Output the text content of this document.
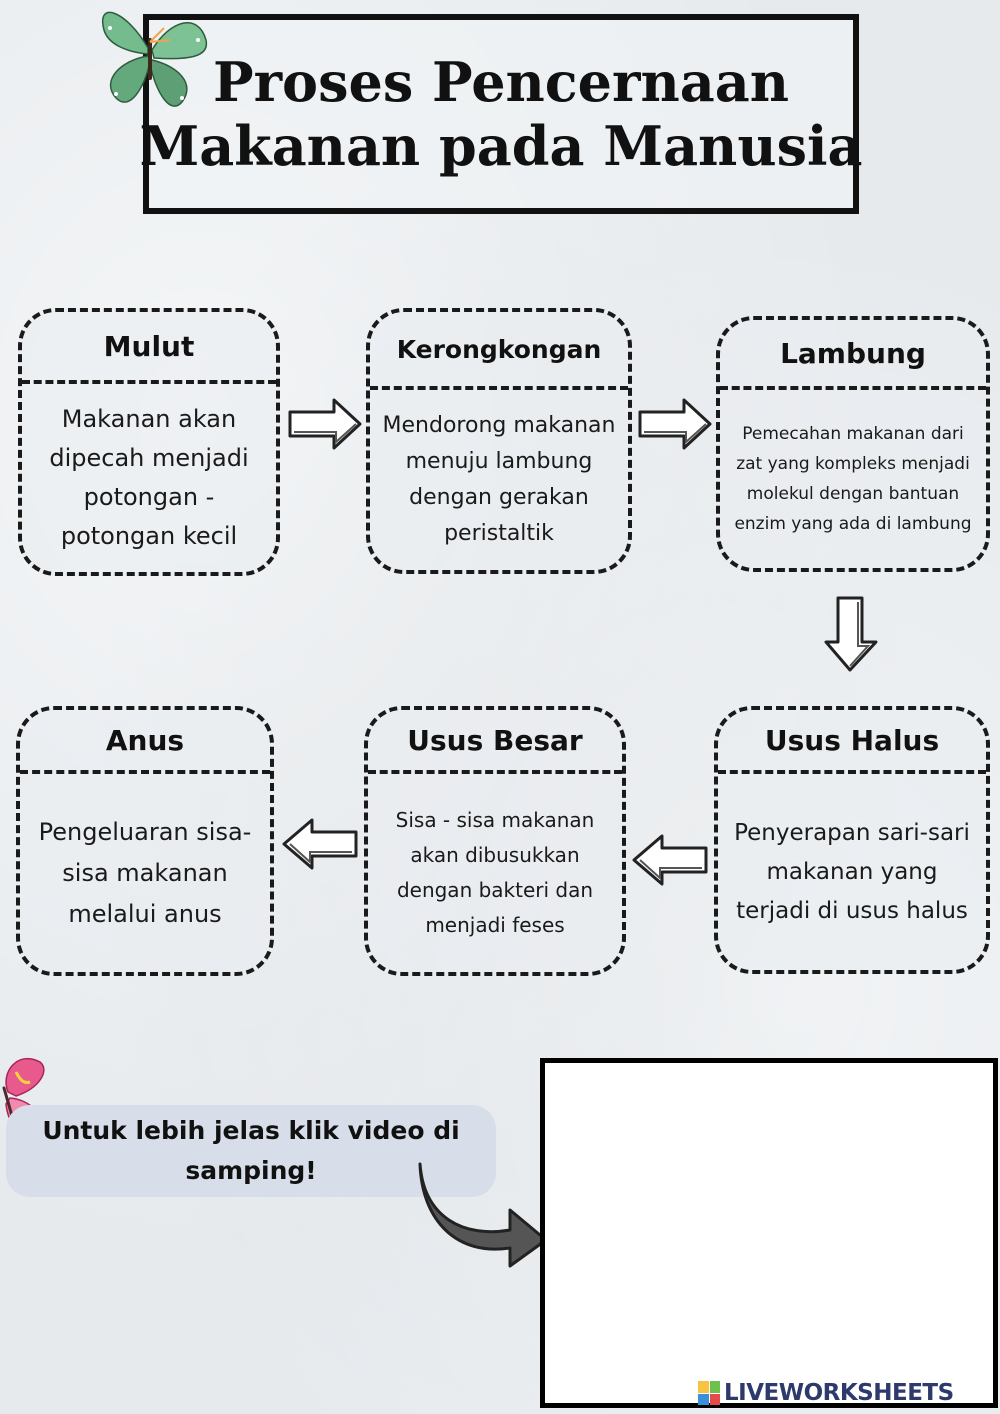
Proses Pencernaan
Makanan pada Manusia
Mulut
Makanan akan dipecah menjadi potongan - potongan kecil
Kerongkongan
Mendorong makanan menuju lambung dengan gerakan peristaltik
Lambung
Pemecahan makanan dari zat yang kompleks menjadi molekul dengan bantuan enzim yang ada di lambung
Usus Halus
Penyerapan sari-sari makanan yang terjadi di usus halus
Usus Besar
Sisa - sisa makanan akan dibusukkan dengan bakteri dan menjadi feses
Anus
Pengeluaran sisa-sisa makanan melalui anus
Untuk lebih jelas klik video di samping!
LIVEWORKSHEETS
